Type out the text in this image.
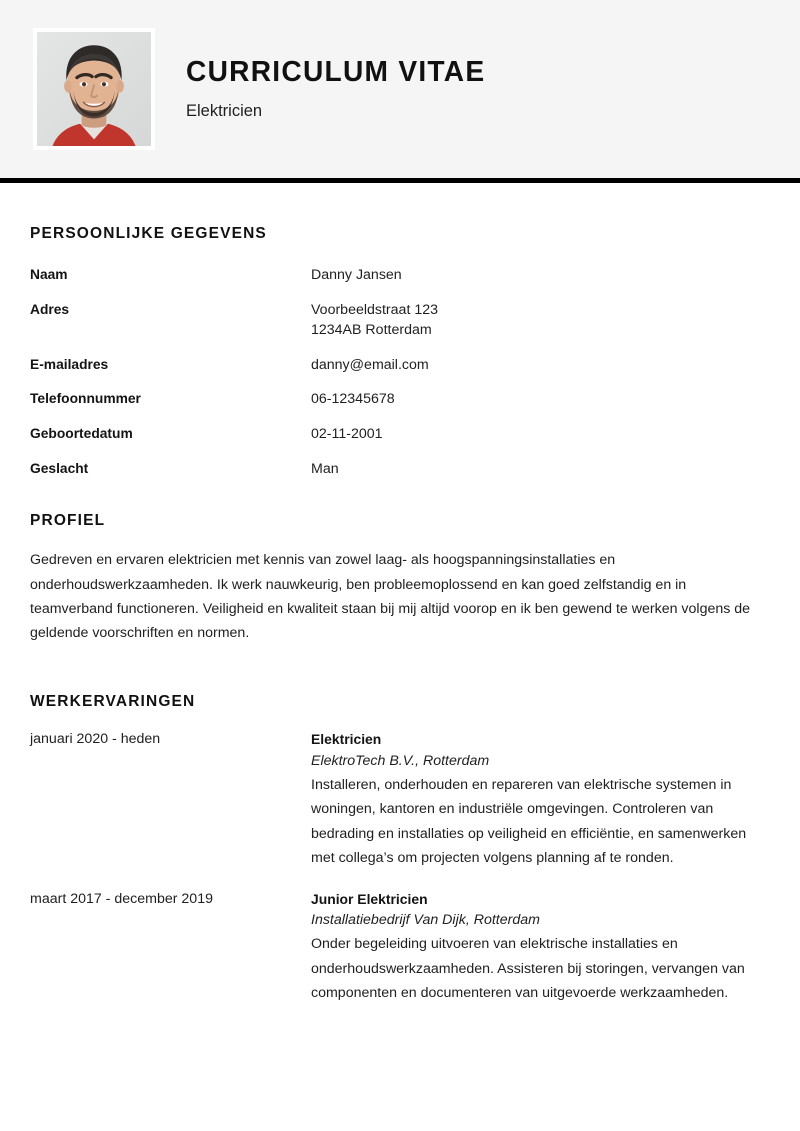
CURRICULUM VITAE
Elektricien
PERSOONLIJKE GEGEVENS
Naam	Danny Jansen
Adres	Voorbeeldstraat 123
1234AB Rotterdam
E-mailadres	danny@email.com
Telefoonnummer	06-12345678
Geboortedatum	02-11-2001
Geslacht	Man
PROFIEL

Gedreven en ervaren elektricien met kennis van zowel laag- als hoogspanningsinstallaties en onderhoudswerkzaamheden. Ik werk nauwkeurig, ben probleemoplossend en kan goed zelfstandig en in teamverband functioneren. Veiligheid en kwaliteit staan bij mij altijd voorop en ik ben gewend te werken volgens de geldende voorschriften en normen.

WERKERVARINGEN
januari 2020 - heden	Elektricien
ElektroTech B.V., Rotterdam
Installeren, onderhouden en repareren van elektrische systemen in woningen, kantoren en industriële omgevingen. Controleren van bedrading en installaties op veiligheid en efficiëntie, en samenwerken met collega’s om projecten volgens planning af te ronden.
maart 2017 - december 2019	Junior Elektricien
Installatiebedrijf Van Dijk, Rotterdam
Onder begeleiding uitvoeren van elektrische installaties en onderhoudswerkzaamheden. Assisteren bij storingen, vervangen van componenten en documenteren van uitgevoerde werkzaamheden.
